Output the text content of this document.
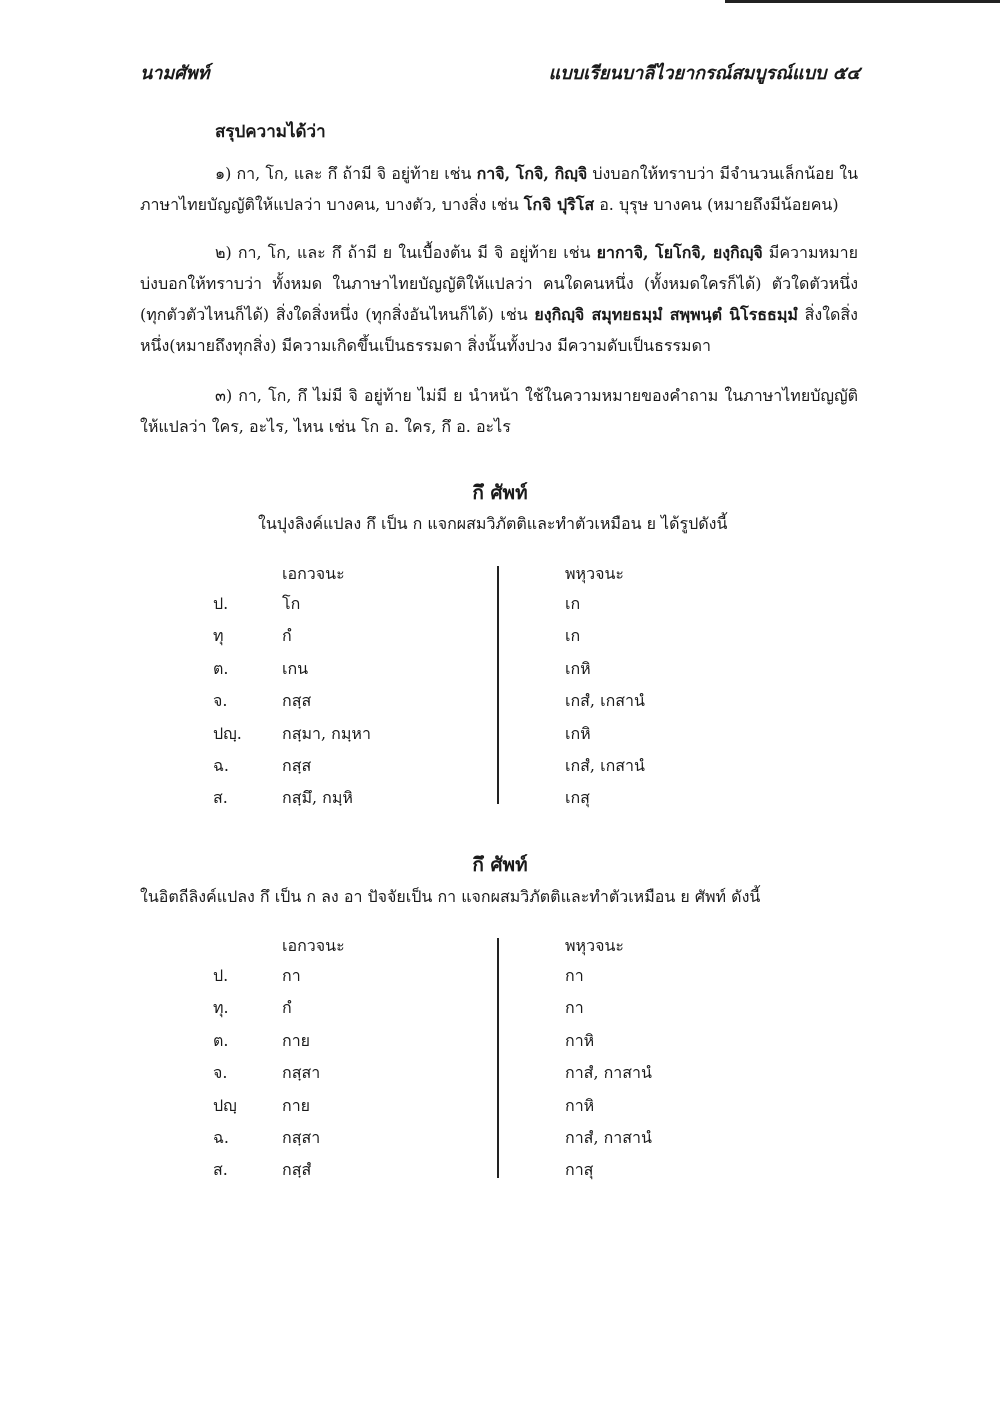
นามศัพท์	แบบเรียนบาลีไวยากรณ์สมบูรณ์แบบ ๕๔
สรุปความได้ว่า
๑) กา, โก, และ กึ ถ้ามี จิ อยู่ท้าย เช่น กาจิ, โกจิ, กิญฺจิ บ่งบอกให้ทราบว่า มีจำนวนเล็กน้อย ในภาษาไทยบัญญัติให้แปลว่า บางคน, บางตัว, บางสิ่ง เช่น โกจิ ปุริโส อ. บุรุษ บางคน (หมายถึงมีน้อยคน)
๒) กา, โก, และ กึ ถ้ามี ย ในเบื้องต้น มี จิ อยู่ท้าย เช่น ยากาจิ, โยโกจิ, ยงฺกิญฺจิ มีความหมายบ่งบอกให้ทราบว่า ทั้งหมด ในภาษาไทยบัญญัติให้แปลว่า คนใดคนหนึ่ง (ทั้งหมดใครก็ได้) ตัวใดตัวหนึ่ง (ทุกตัวตัวไหนก็ได้) สิ่งใดสิ่งหนึ่ง (ทุกสิ่งอันไหนก็ได้) เช่น ยงฺกิญฺจิ สมุทยธมฺมํ สพฺพนฺตํ นิโรธธมฺมํ สิ่งใดสิ่งหนึ่ง(หมายถึงทุกสิ่ง) มีความเกิดขึ้นเป็นธรรมดา สิ่งนั้นทั้งปวง มีความดับเป็นธรรมดา
๓) กา, โก, กึ ไม่มี จิ อยู่ท้าย ไม่มี ย นำหน้า ใช้ในความหมายของคำถาม ในภาษาไทยบัญญัติให้แปลว่า ใคร, อะไร, ไหน เช่น โก อ. ใคร, กึ อ. อะไร
กึ ศัพท์
ในปุงลิงค์แปลง กึ เป็น ก แจกผสมวิภัตติและทำตัวเหมือน ย ได้รูปดังนี้
เอกวจนะ	พหุวจนะ
ป.	โก	เก
ทุ	กํ	เก
ต.	เกน	เกหิ
จ.	กสฺส	เกสํ, เกสานํ
ปญฺ.	กสฺมา, กมฺหา	เกหิ
ฉ.	กสฺส	เกสํ, เกสานํ
ส.	กสฺมึ, กมฺหิ	เกสุ
กึ ศัพท์
ในอิตถีลิงค์แปลง กึ เป็น ก ลง อา ปัจจัยเป็น กา แจกผสมวิภัตติและทำตัวเหมือน ย ศัพท์ ดังนี้
เอกวจนะ	พหุวจนะ
ป.	กา	กา
ทุ.	กํ	กา
ต.	กาย	กาหิ
จ.	กสฺสา	กาสํ, กาสานํ
ปญฺ	กาย	กาหิ
ฉ.	กสฺสา	กาสํ, กาสานํ
ส.	กสฺสํ	กาสุ
